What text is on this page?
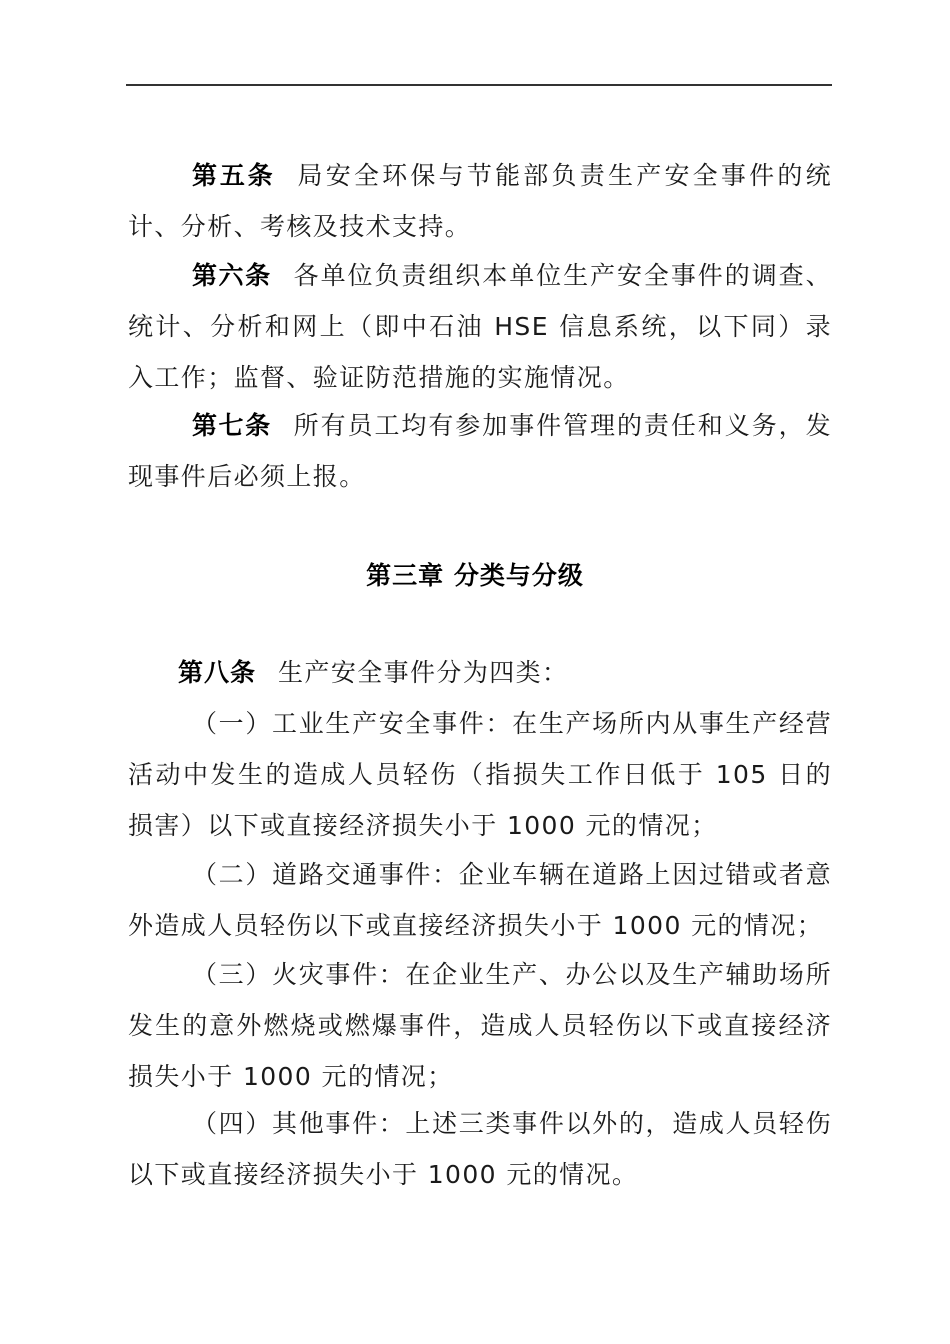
第五条 局安全环保与节能部负责生产安全事件的统计、分析、考核及技术支持。

第六条 各单位负责组织本单位生产安全事件的调查、统计、分析和网上（即中石油 HSE 信息系统，以下同）录入工作；监督、验证防范措施的实施情况。

第七条 所有员工均有参加事件管理的责任和义务，发现事件后必须上报。

第三章 分类与分级

第八条 生产安全事件分为四类：

（一）工业生产安全事件：在生产场所内从事生产经营活动中发生的造成人员轻伤（指损失工作日低于 105 日的损害）以下或直接经济损失小于 1000 元的情况；

（二）道路交通事件：企业车辆在道路上因过错或者意外造成人员轻伤以下或直接经济损失小于 1000 元的情况；

（三）火灾事件：在企业生产、办公以及生产辅助场所发生的意外燃烧或燃爆事件，造成人员轻伤以下或直接经济损失小于 1000 元的情况；

（四）其他事件：上述三类事件以外的，造成人员轻伤以下或直接经济损失小于 1000 元的情况。
